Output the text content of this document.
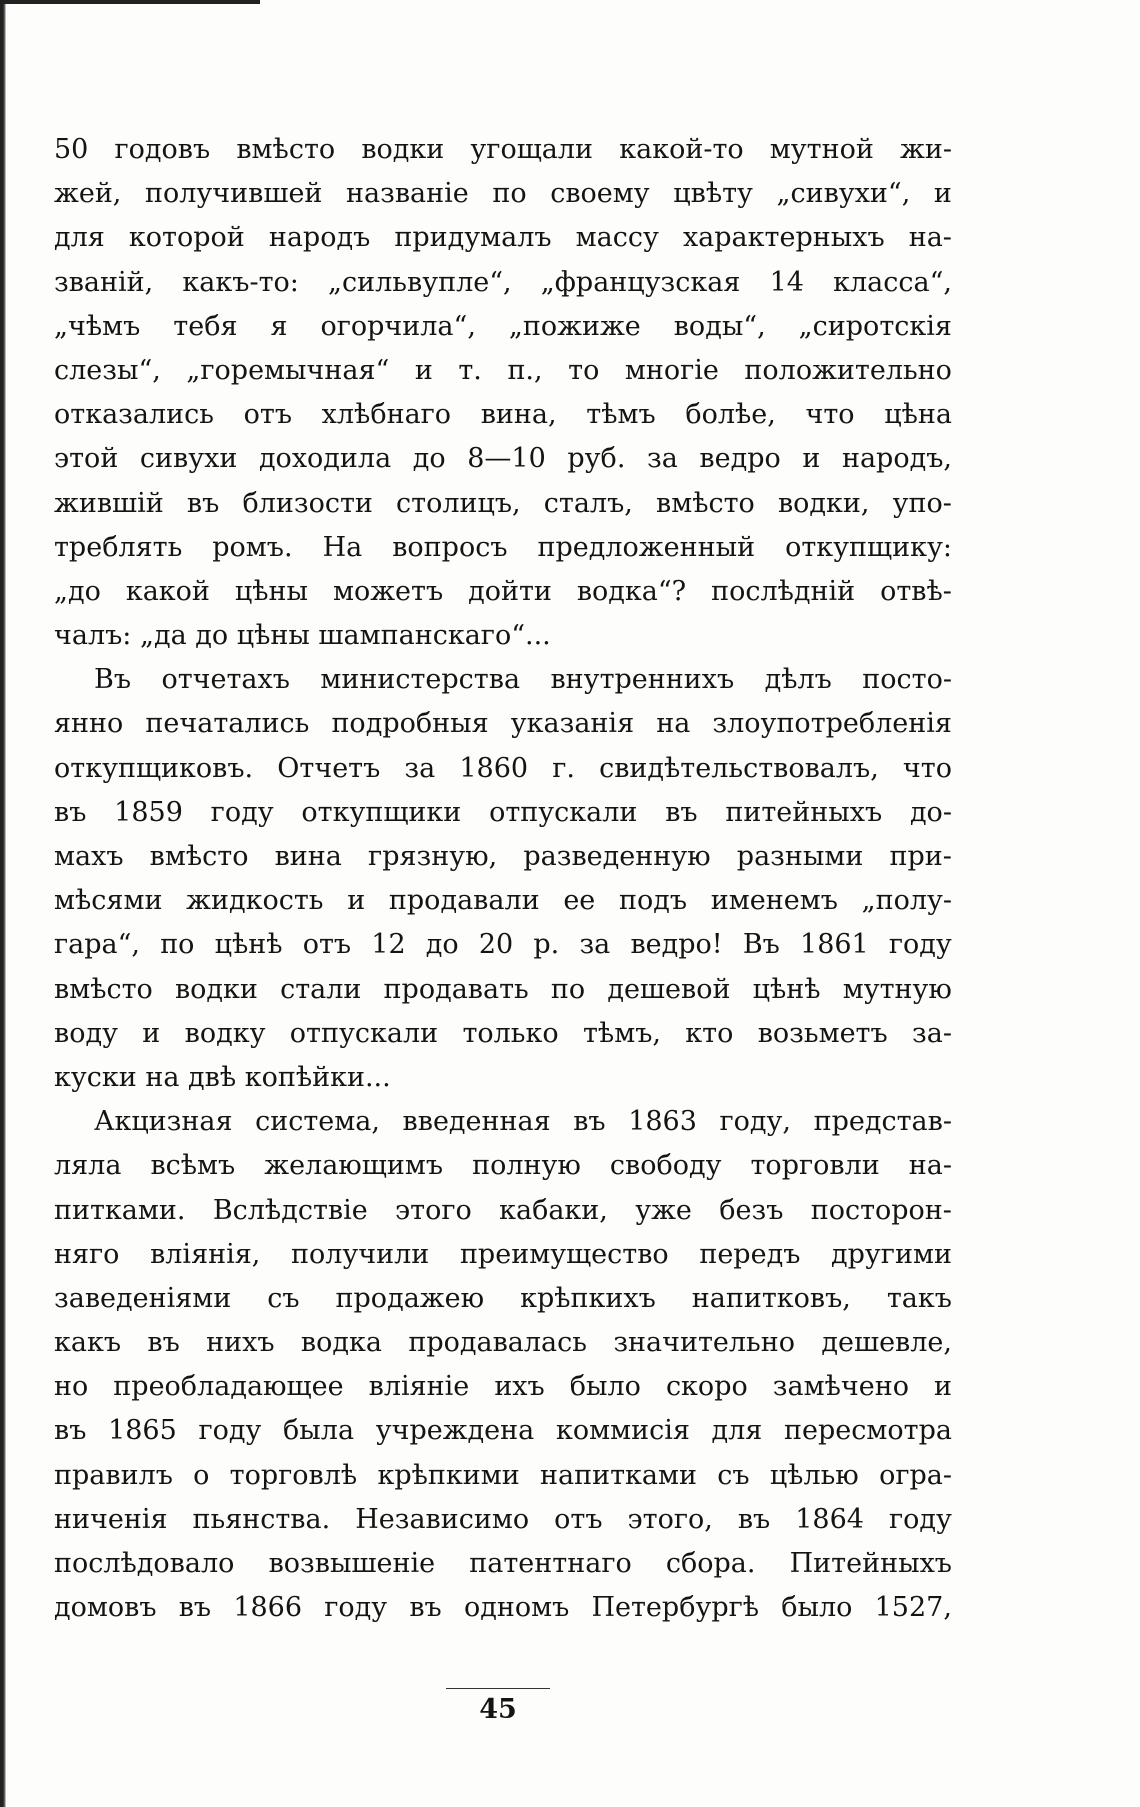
50 годовъ вмѣсто водки угощали какой-то мутной жи-
жей, получившей названіе по своему цвѣту „сивухи“, и
для которой народъ придумалъ массу характерныхъ на-
званій, какъ-то: „сильвупле“, „французская 14 класса“,
„чѣмъ тебя я огорчила“, „пожиже воды“, „сиротскія
слезы“, „горемычная“ и т. п., то многіе положительно
отказались отъ хлѣбнаго вина, тѣмъ болѣе, что цѣна
этой сивухи доходила до 8—10 руб. за ведро и народъ,
жившій въ близости столицъ, сталъ, вмѣсто водки, упо-
треблять ромъ. На вопросъ предложенный откупщику:
„до какой цѣны можетъ дойти водка“? послѣдній отвѣ-
чалъ: „да до цѣны шампанскаго“...
Въ отчетахъ министерства внутреннихъ дѣлъ посто-
янно печатались подробныя указанія на злоупотребленія
откупщиковъ. Отчетъ за 1860 г. свидѣтельствовалъ, что
въ 1859 году откупщики отпускали въ питейныхъ до-
махъ вмѣсто вина грязную, разведенную разными при-
мѣсями жидкость и продавали ее подъ именемъ „полу-
гара“, по цѣнѣ отъ 12 до 20 р. за ведро! Въ 1861 году
вмѣсто водки стали продавать по дешевой цѣнѣ мутную
воду и водку отпускали только тѣмъ, кто возьметъ за-
куски на двѣ копѣйки...
Акцизная система, введенная въ 1863 году, представ-
ляла всѣмъ желающимъ полную свободу торговли на-
питками. Вслѣдствіе этого кабаки, уже безъ посторон-
няго вліянія, получили преимущество передъ другими
заведеніями съ продажею крѣпкихъ напитковъ, такъ
какъ въ нихъ водка продавалась значительно дешевле,
но преобладающее вліяніе ихъ было скоро замѣчено и
въ 1865 году была учреждена коммисія для пересмотра
правилъ о торговлѣ крѣпкими напитками съ цѣлью огра-
ниченія пьянства. Независимо отъ этого, въ 1864 году
послѣдовало возвышеніе патентнаго сбора. Питейныхъ
домовъ въ 1866 году въ одномъ Петербургѣ было 1527,
45
